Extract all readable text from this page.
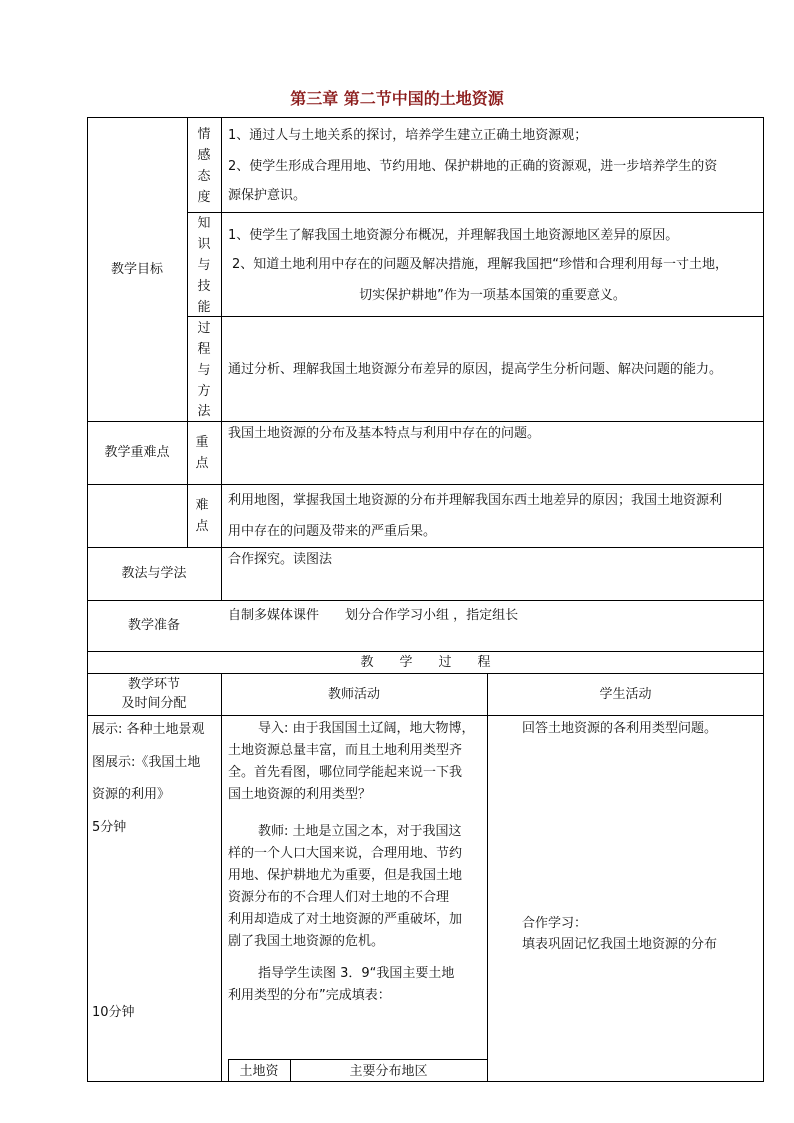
第三章 第二节中国的土地资源
教学目标
情
感
态
度
1、通过人与土地关系的探讨，培养学生建立正确土地资源观；
2、使学生形成合理用地、节约用地、保护耕地的正确的资源观，进一步培养学生的资
源保护意识。
知
识
与
技
能
1、使学生了解我国土地资源分布概况，并理解我国土地资源地区差异的原因。
2、知道土地利用中存在的问题及解决措施，理解我国把“珍惜和合理利用每一寸土地，
切实保护耕地”作为一项基本国策的重要意义。
过
程
与
方
法
通过分析、理解我国土地资源分布差异的原因，提高学生分析问题、解决问题的能力。
教学重难点
重
点
我国土地资源的分布及基本特点与利用中存在的问题。
难
点
利用地图，掌握我国土地资源的分布并理解我国东西土地差异的原因；我国土地资源利
用中存在的问题及带来的严重后果。
教法与学法
合作探究。读图法
教学准备
自制多媒体课件　　划分合作学习小组 ，指定组长
教　　学　　过　　程
教学环节
及时间分配
教师活动	学生活动
展示: 各种土地景观
图展示:《我国土地
资源的利用》
5分钟
10分钟
导入: 由于我国国土辽阔，地大物博，
土地资源总量丰富，而且土地利用类型齐
全。首先看图，哪位同学能起来说一下我
国土地资源的利用类型？
教师: 土地是立国之本，对于我国这
样的一个人口大国来说，合理用地、节约
用地、保护耕地尤为重要，但是我国土地
资源分布的不合理人们对土地的不合理
利用却造成了对土地资源的严重破坏，加
剧了我国土地资源的危机。
指导学生读图 3．9“我国主要土地
利用类型的分布”完成填表：
土地资	主要分布地区
回答土地资源的各利用类型问题。
合作学习：
填表巩固记忆我国土地资源的分布
